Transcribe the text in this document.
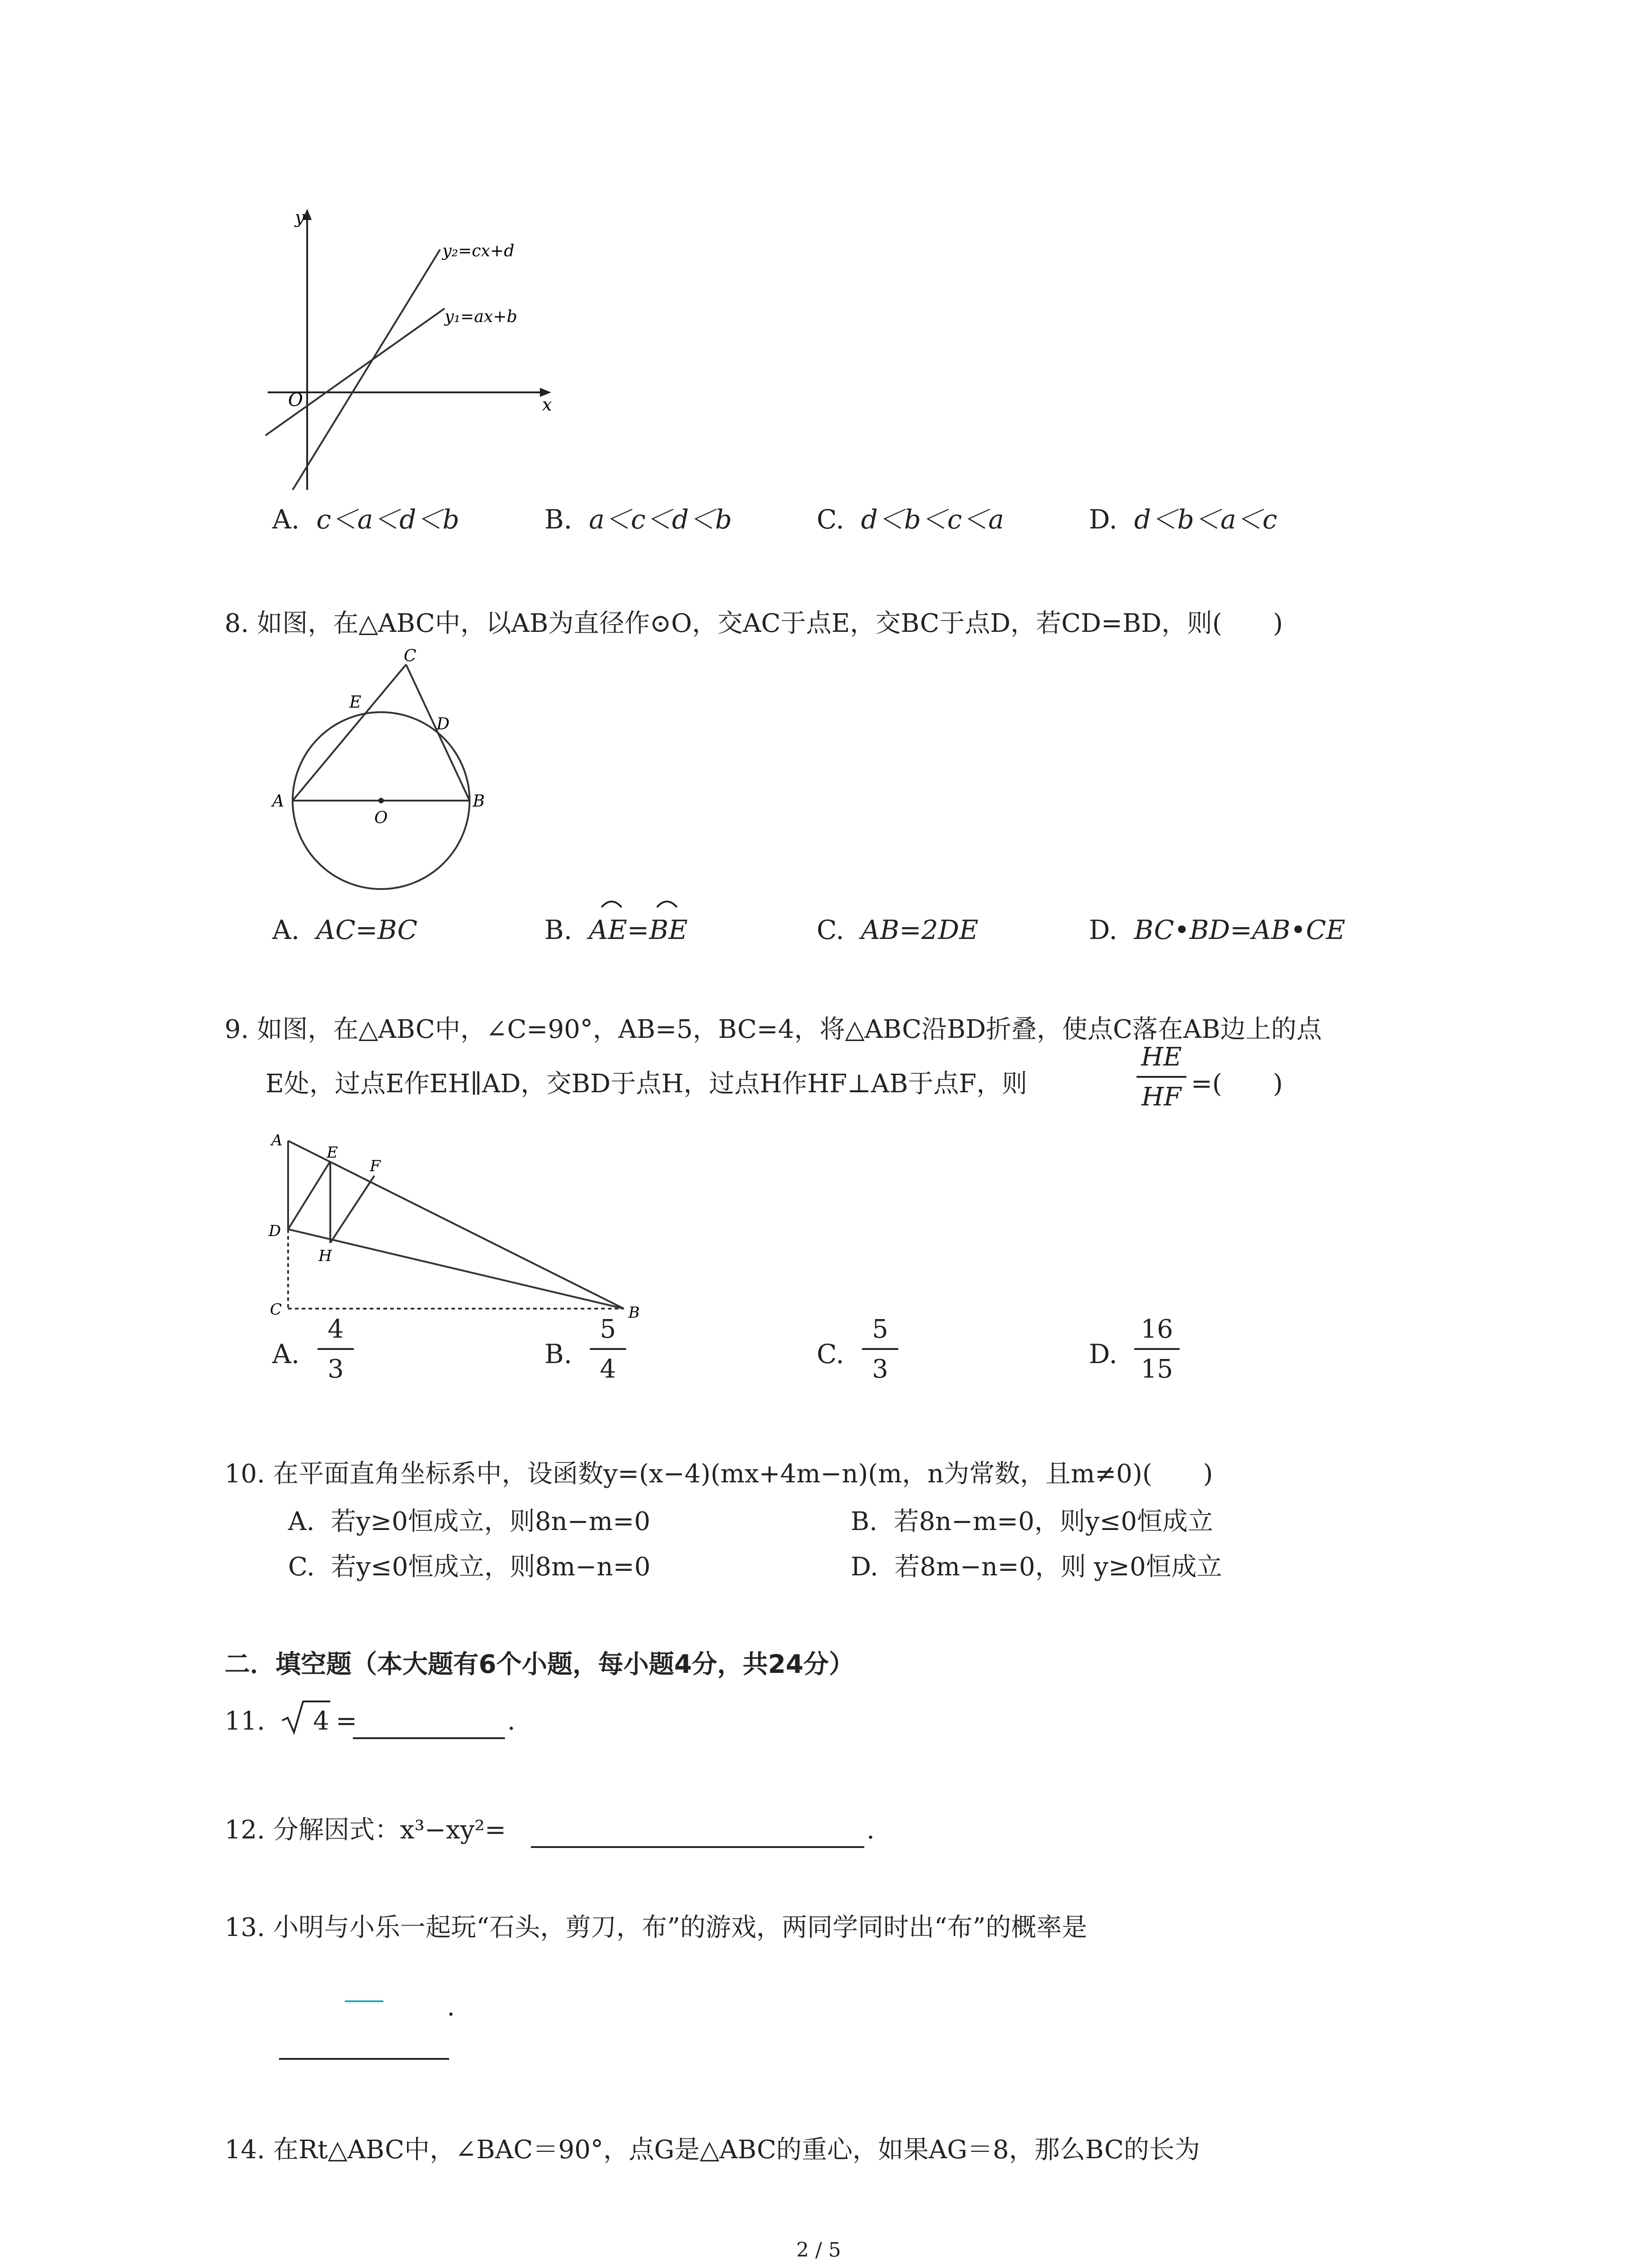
y
x
O
y₂=cx+d
y₁=ax+b
A. c＜a＜d＜b	B. a＜c＜d＜b	C. d＜b＜c＜a	D. d＜b＜a＜c
8. 如图，在△ABC中，以AB为直径作⊙O，交AC于点E，交BC于点D，若CD=BD，则(　　)
A	B
C
D
E
O
A. AC=BC	B. AE=BE	C. AB=2DE	D. BC•BD=AB•CE
9. 如图，在△ABC中，∠C=90°，AB=5，BC=4，将△ABC沿BD折叠，使点C落在AB边上的点
E处，过点E作EH∥AD，交BD于点H，过点H作HF⊥AB于点F，则
HE
HF =(　　)
A
E
F
D
H
C	B
A.
4
3	B.
5
4	C.
5
3	D.
16
15
10. 在平面直角坐标系中，设函数y=(x−4)(mx+4m−n)(m，n为常数，且m≠0)(　　)
A. 若y≥0恒成立，则8n−m=0	B. 若8n−m=0，则y≤0恒成立
C. 若y≤0恒成立，则8m−n=0	D. 若8m−n=0，则 y≥0恒成立
二．填空题（本大题有6个小题，每小题4分，共24分）
11. 4 =	.
12. 分解因式：x³−xy²=	.
13. 小明与小乐一起玩“石头，剪刀，布”的游戏，两同学同时出“布”的概率是
.
14. 在Rt△ABC中，∠BAC＝90°，点G是△ABC的重心，如果AG＝8，那么BC的长为
2 / 5
